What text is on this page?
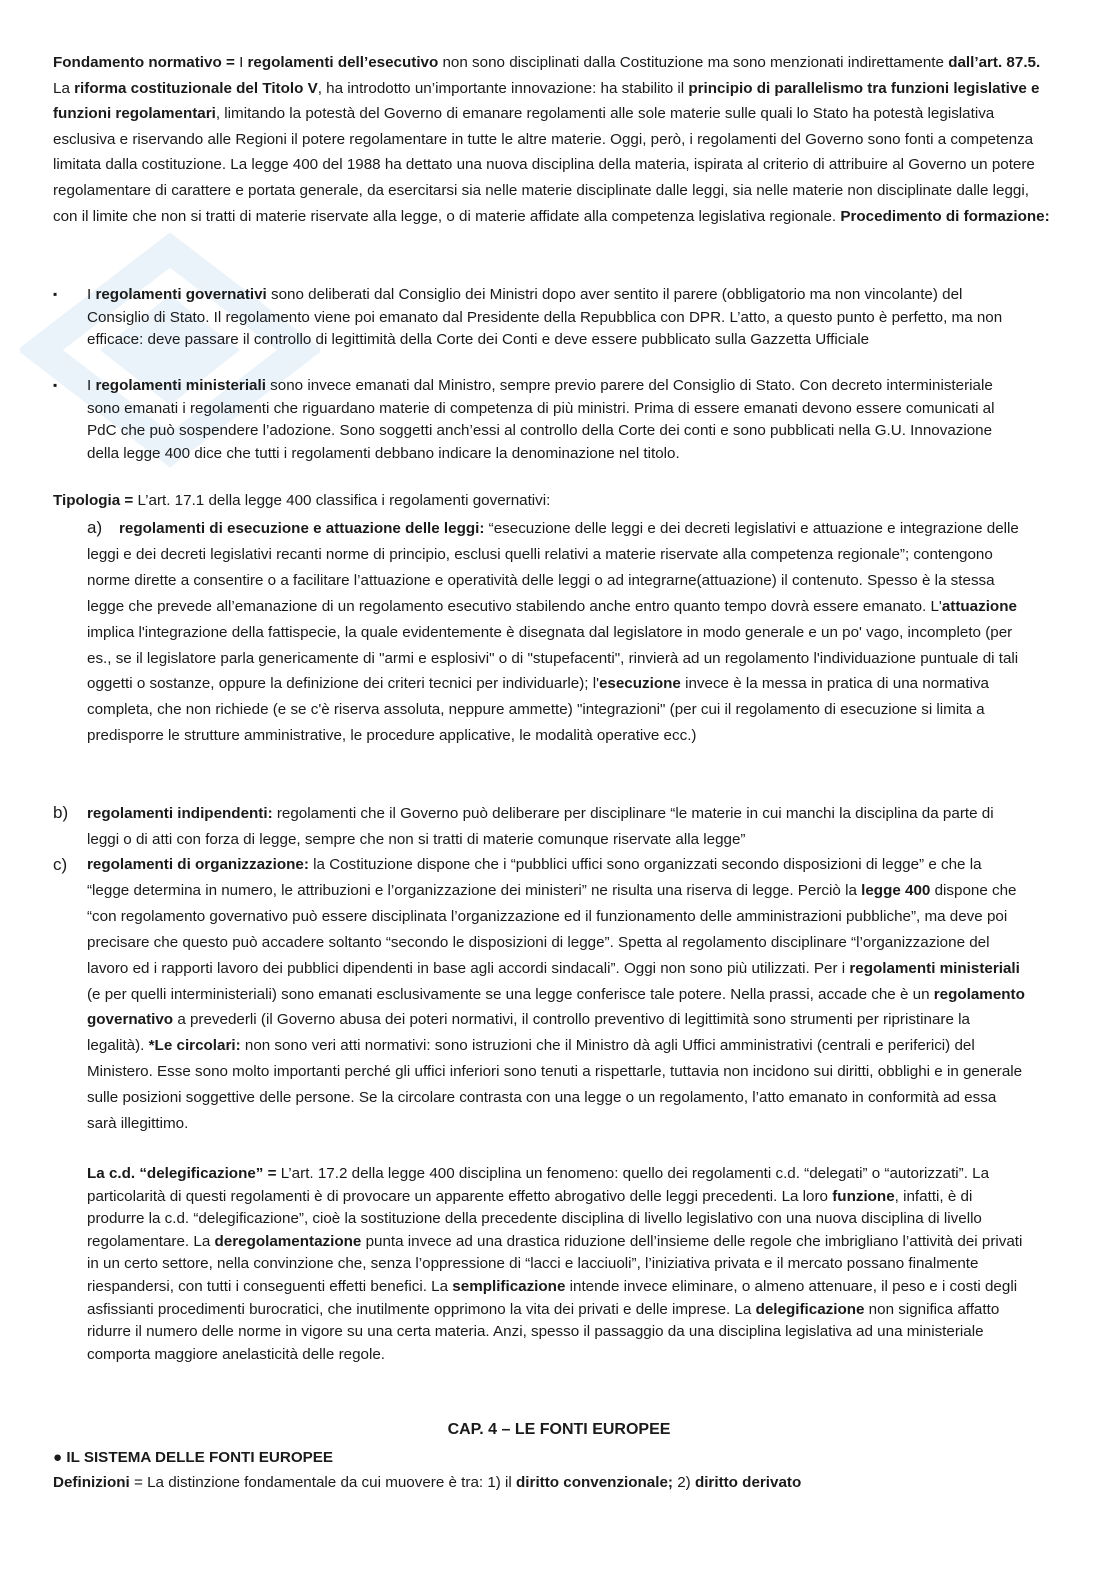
Fondamento normativo = I regolamenti dell’esecutivo non sono disciplinati dalla Costituzione ma sono menzionati indirettamente dall’art. 87.5. La riforma costituzionale del Titolo V, ha introdotto un’importante innovazione: ha stabilito il principio di parallelismo tra funzioni legislative e funzioni regolamentari, limitando la potestà del Governo di emanare regolamenti alle sole materie sulle quali lo Stato ha potestà legislativa esclusiva e riservando alle Regioni il potere regolamentare in tutte le altre materie. Oggi, però, i regolamenti del Governo sono fonti a competenza limitata dalla costituzione. La legge 400 del 1988 ha dettato una nuova disciplina della materia, ispirata al criterio di attribuire al Governo un potere regolamentare di carattere e portata generale, da esercitarsi sia nelle materie disciplinate dalle leggi, sia nelle materie non disciplinate dalle leggi, con il limite che non si tratti di materie riservate alla legge, o di materie affidate alla competenza legislativa regionale. Procedimento di formazione:
▪	I regolamenti governativi sono deliberati dal Consiglio dei Ministri dopo aver sentito il parere (obbligatorio ma non vincolante) del Consiglio di Stato. Il regolamento viene poi emanato dal Presidente della Repubblica con DPR. L’atto, a questo punto è perfetto, ma non efficace: deve passare il controllo di legittimità della Corte dei Conti e deve essere pubblicato sulla Gazzetta Ufficiale
▪	I regolamenti ministeriali sono invece emanati dal Ministro, sempre previo parere del Consiglio di Stato. Con decreto interministeriale sono emanati i regolamenti che riguardano materie di competenza di più ministri. Prima di essere emanati devono essere comunicati al PdC che può sospendere l’adozione. Sono soggetti anch’essi al controllo della Corte dei conti e sono pubblicati nella G.U. Innovazione della legge 400 dice che tutti i regolamenti debbano indicare la denominazione nel titolo.
Tipologia = L’art. 17.1 della legge 400 classifica i regolamenti governativi:
a)	regolamenti di esecuzione e attuazione delle leggi: “esecuzione delle leggi e dei decreti legislativi e attuazione e integrazione delle leggi e dei decreti legislativi recanti norme di principio, esclusi quelli relativi a materie riservate alla competenza regionale”; contengono norme dirette a consentire o a facilitare l’attuazione e operatività delle leggi o ad integrarne(attuazione) il contenuto. Spesso è la stessa legge che prevede all’emanazione di un regolamento esecutivo stabilendo anche entro quanto tempo dovrà essere emanato. L'attuazione implica l'integrazione della fattispecie, la quale evidentemente è disegnata dal legislatore in modo generale e un po' vago, incompleto (per es., se il legislatore parla genericamente di "armi e esplosivi" o di "stupefacenti", rinvierà ad un regolamento l'individuazione puntuale di tali oggetti o sostanze, oppure la definizione dei criteri tecnici per individuarle); l'esecuzione invece è la messa in pratica di una normativa completa, che non richiede (e se c'è riserva assoluta, neppure ammette) "integrazioni" (per cui il regolamento di esecuzione si limita a predisporre le strutture amministrative, le procedure applicative, le modalità operative ecc.)
b) regolamenti indipendenti: regolamenti che il Governo può deliberare per disciplinare “le materie in cui manchi la disciplina da parte di leggi o di atti con forza di legge, sempre che non si tratti di materie comunque riservate alla legge”
c) regolamenti di organizzazione: la Costituzione dispone che i “pubblici uffici sono organizzati secondo disposizioni di legge” e che la “legge determina in numero, le attribuzioni e l’organizzazione dei ministeri” ne risulta una riserva di legge. Perciò la legge 400 dispone che “con regolamento governativo può essere disciplinata l’organizzazione ed il funzionamento delle amministrazioni pubbliche”, ma deve poi precisare che questo può accadere soltanto “secondo le disposizioni di legge”. Spetta al regolamento disciplinare “l’organizzazione del lavoro ed i rapporti lavoro dei pubblici dipendenti in base agli accordi sindacali”. Oggi non sono più utilizzati. Per i regolamenti ministeriali (e per quelli interministeriali) sono emanati esclusivamente se una legge conferisce tale potere. Nella prassi, accade che è un regolamento governativo a prevederli (il Governo abusa dei poteri normativi, il controllo preventivo di legittimità sono strumenti per ripristinare la legalità). *Le circolari: non sono veri atti normativi: sono istruzioni che il Ministro dà agli Uffici amministrativi (centrali e periferici) del Ministero. Esse sono molto importanti perché gli uffici inferiori sono tenuti a rispettarle, tuttavia non incidono sui diritti, obblighi e in generale sulle posizioni soggettive delle persone. Se la circolare contrasta con una legge o un regolamento, l’atto emanato in conformità ad essa sarà illegittimo.
La c.d. “delegificazione” = L’art. 17.2 della legge 400 disciplina un fenomeno: quello dei regolamenti c.d. “delegati” o “autorizzati”. La particolarità di questi regolamenti è di provocare un apparente effetto abrogativo delle leggi precedenti. La loro funzione, infatti, è di produrre la c.d. “delegificazione”, cioè la sostituzione della precedente disciplina di livello legislativo con una nuova disciplina di livello regolamentare. La deregolamentazione punta invece ad una drastica riduzione dell’insieme delle regole che imbrigliano l’attività dei privati in un certo settore, nella convinzione che, senza l’oppressione di “lacci e lacciuoli”, l’iniziativa privata e il mercato possano finalmente riespandersi, con tutti i conseguenti effetti benefici. La semplificazione intende invece eliminare, o almeno attenuare, il peso e i costi degli asfissianti procedimenti burocratici, che inutilmente opprimono la vita dei privati e delle imprese. La delegificazione non significa affatto ridurre il numero delle norme in vigore su una certa materia. Anzi, spesso il passaggio da una disciplina legislativa ad una ministeriale comporta maggiore anelasticità delle regole.
CAP. 4 – LE FONTI EUROPEE
● IL SISTEMA DELLE FONTI EUROPEE
Definizioni = La distinzione fondamentale da cui muovere è tra: 1) il diritto convenzionale; 2) diritto derivato
